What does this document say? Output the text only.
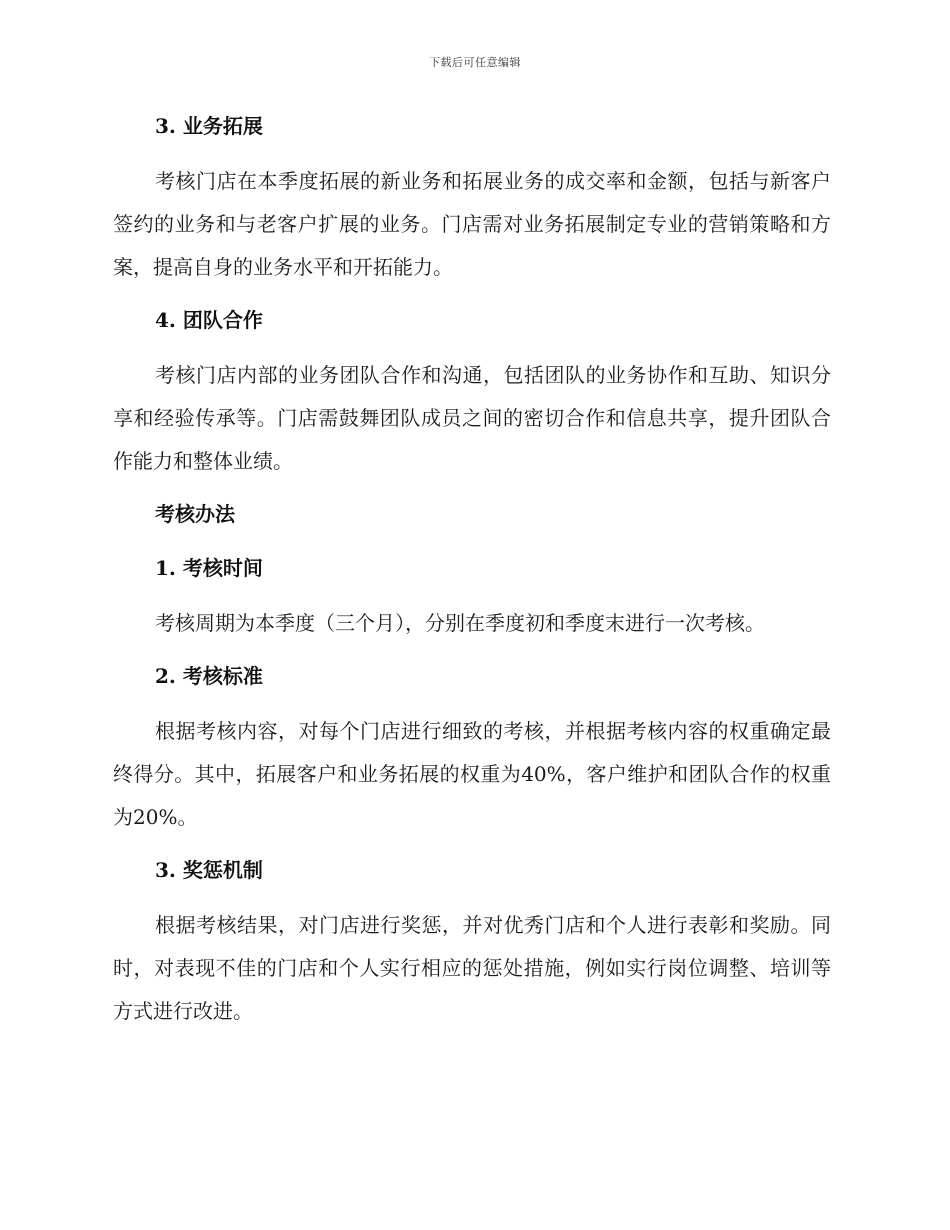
下载后可任意编辑
3. 业务拓展

考核门店在本季度拓展的新业务和拓展业务的成交率和金额，包括与新客户签约的业务和与老客户扩展的业务。门店需对业务拓展制定专业的营销策略和方案，提高自身的业务水平和开拓能力。

4. 团队合作

考核门店内部的业务团队合作和沟通，包括团队的业务协作和互助、知识分享和经验传承等。门店需鼓舞团队成员之间的密切合作和信息共享，提升团队合作能力和整体业绩。

考核办法
1. 考核时间

考核周期为本季度（三个月），分别在季度初和季度末进行一次考核。

2. 考核标准

根据考核内容，对每个门店进行细致的考核，并根据考核内容的权重确定最终得分。其中，拓展客户和业务拓展的权重为40%，客户维护和团队合作的权重为20%。

3. 奖惩机制

根据考核结果，对门店进行奖惩，并对优秀门店和个人进行表彰和奖励。同时，对表现不佳的门店和个人实行相应的惩处措施，例如实行岗位调整、培训等方式进行改进。
